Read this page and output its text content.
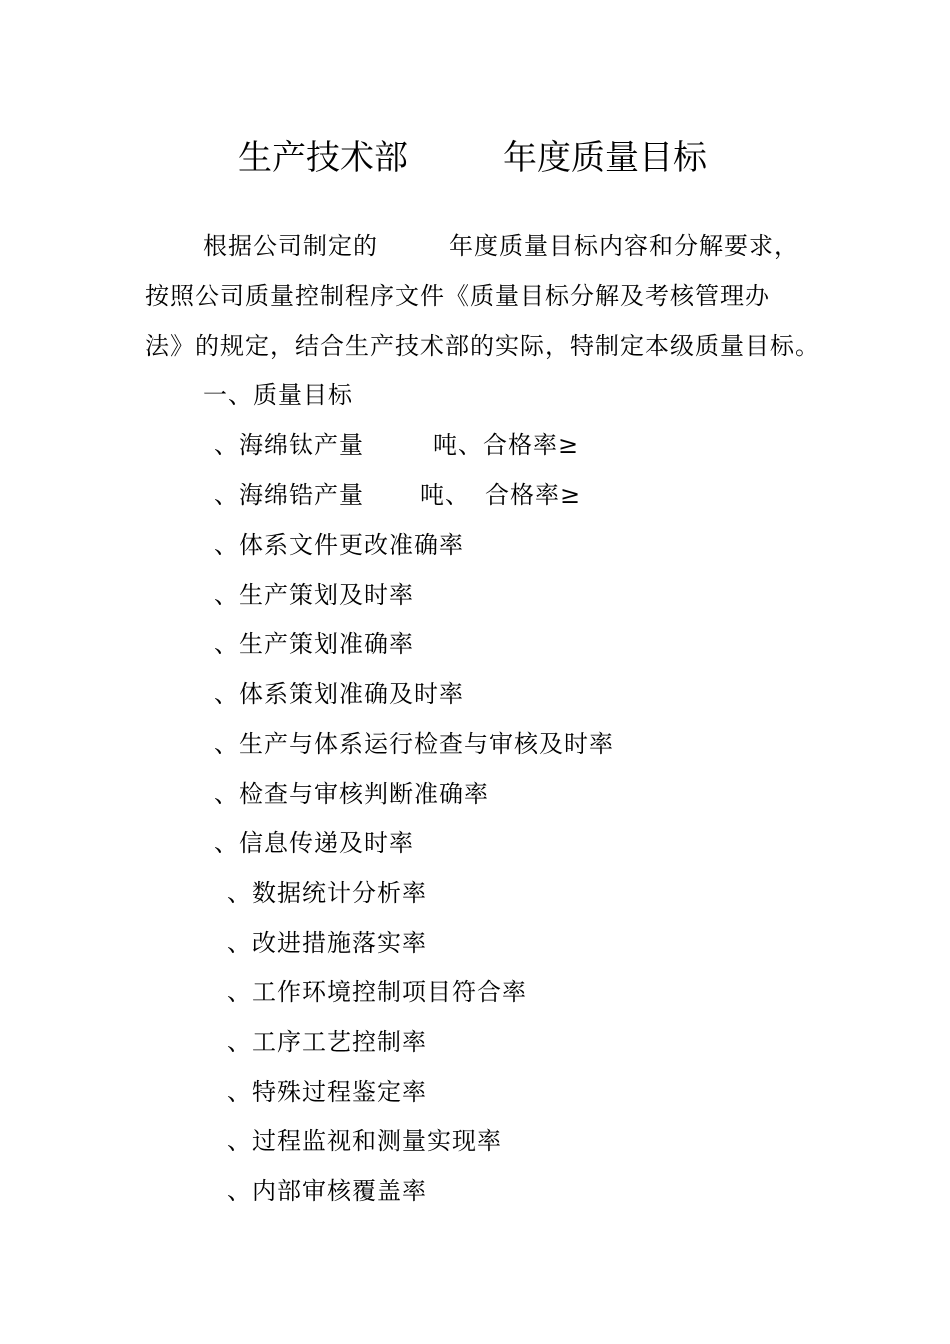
生产技术部	年度质量目标
根据公司制定的	年度质量目标内容和分解要求，
按照公司质量控制程序文件《质量目标分解及考核管理办
法》的规定，结合生产技术部的实际，特制定本级质量目标。
一、质量目标
、海绵钛产量	吨、合格率≥
、海绵锆产量 吨、 合格率≥
、体系文件更改准确率
、生产策划及时率
、生产策划准确率
、体系策划准确及时率
、生产与体系运行检查与审核及时率
、检查与审核判断准确率
、信息传递及时率
、数据统计分析率
、改进措施落实率
、工作环境控制项目符合率
、工序工艺控制率
、特殊过程鉴定率
、过程监视和测量实现率
、内部审核覆盖率
